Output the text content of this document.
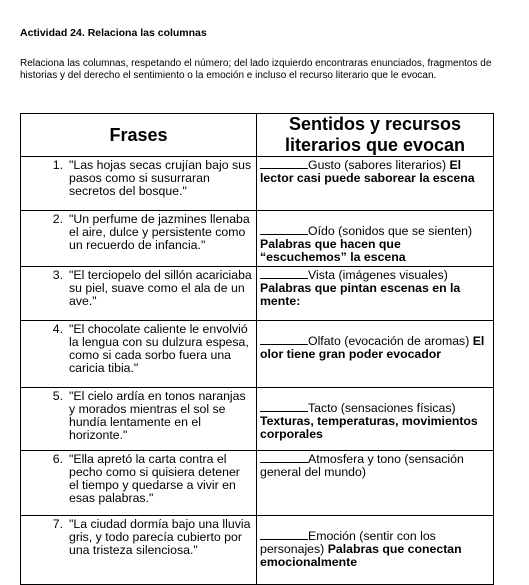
Actividad 24. Relaciona las columnas
Relaciona las columnas, respetando el número; del lado izquierdo encontraras enunciados, fragmentos de historias y del derecho el sentimiento o la emoción e incluso el recurso literario que le evocan.
Frases	Sentidos y recursos literarios que evocan

1. "Las hojas secas crujían bajo sus pasos como si susurraran secretos del bosque."	Gusto (sabores literarios) El lector casi puede saborear la escena

2. "Un perfume de jazmines llenaba el aire, dulce y persistente como un recuerdo de infancia."	Oído (sonidos que se sienten) Palabras que hacen que “escuchemos” la escena

3. "El terciopelo del sillón acariciaba su piel, suave como el ala de un ave."	Vista (imágenes visuales) Palabras que pintan escenas en la mente:

4. "El chocolate caliente le envolvió la lengua con su dulzura espesa, como si cada sorbo fuera una caricia tibia."	Olfato (evocación de aromas) El olor tiene gran poder evocador

5. "El cielo ardía en tonos naranjas y morados mientras el sol se hundía lentamente en el horizonte."	Tacto (sensaciones físicas) Texturas, temperaturas, movimientos corporales

6. "Ella apretó la carta contra el pecho como si quisiera detener el tiempo y quedarse a vivir en esas palabras."	Atmosfera y tono (sensación general del mundo)

7. "La ciudad dormía bajo una lluvia gris, y todo parecía cubierto por una tristeza silenciosa."	Emoción (sentir con los personajes) Palabras que conectan emocionalmente
